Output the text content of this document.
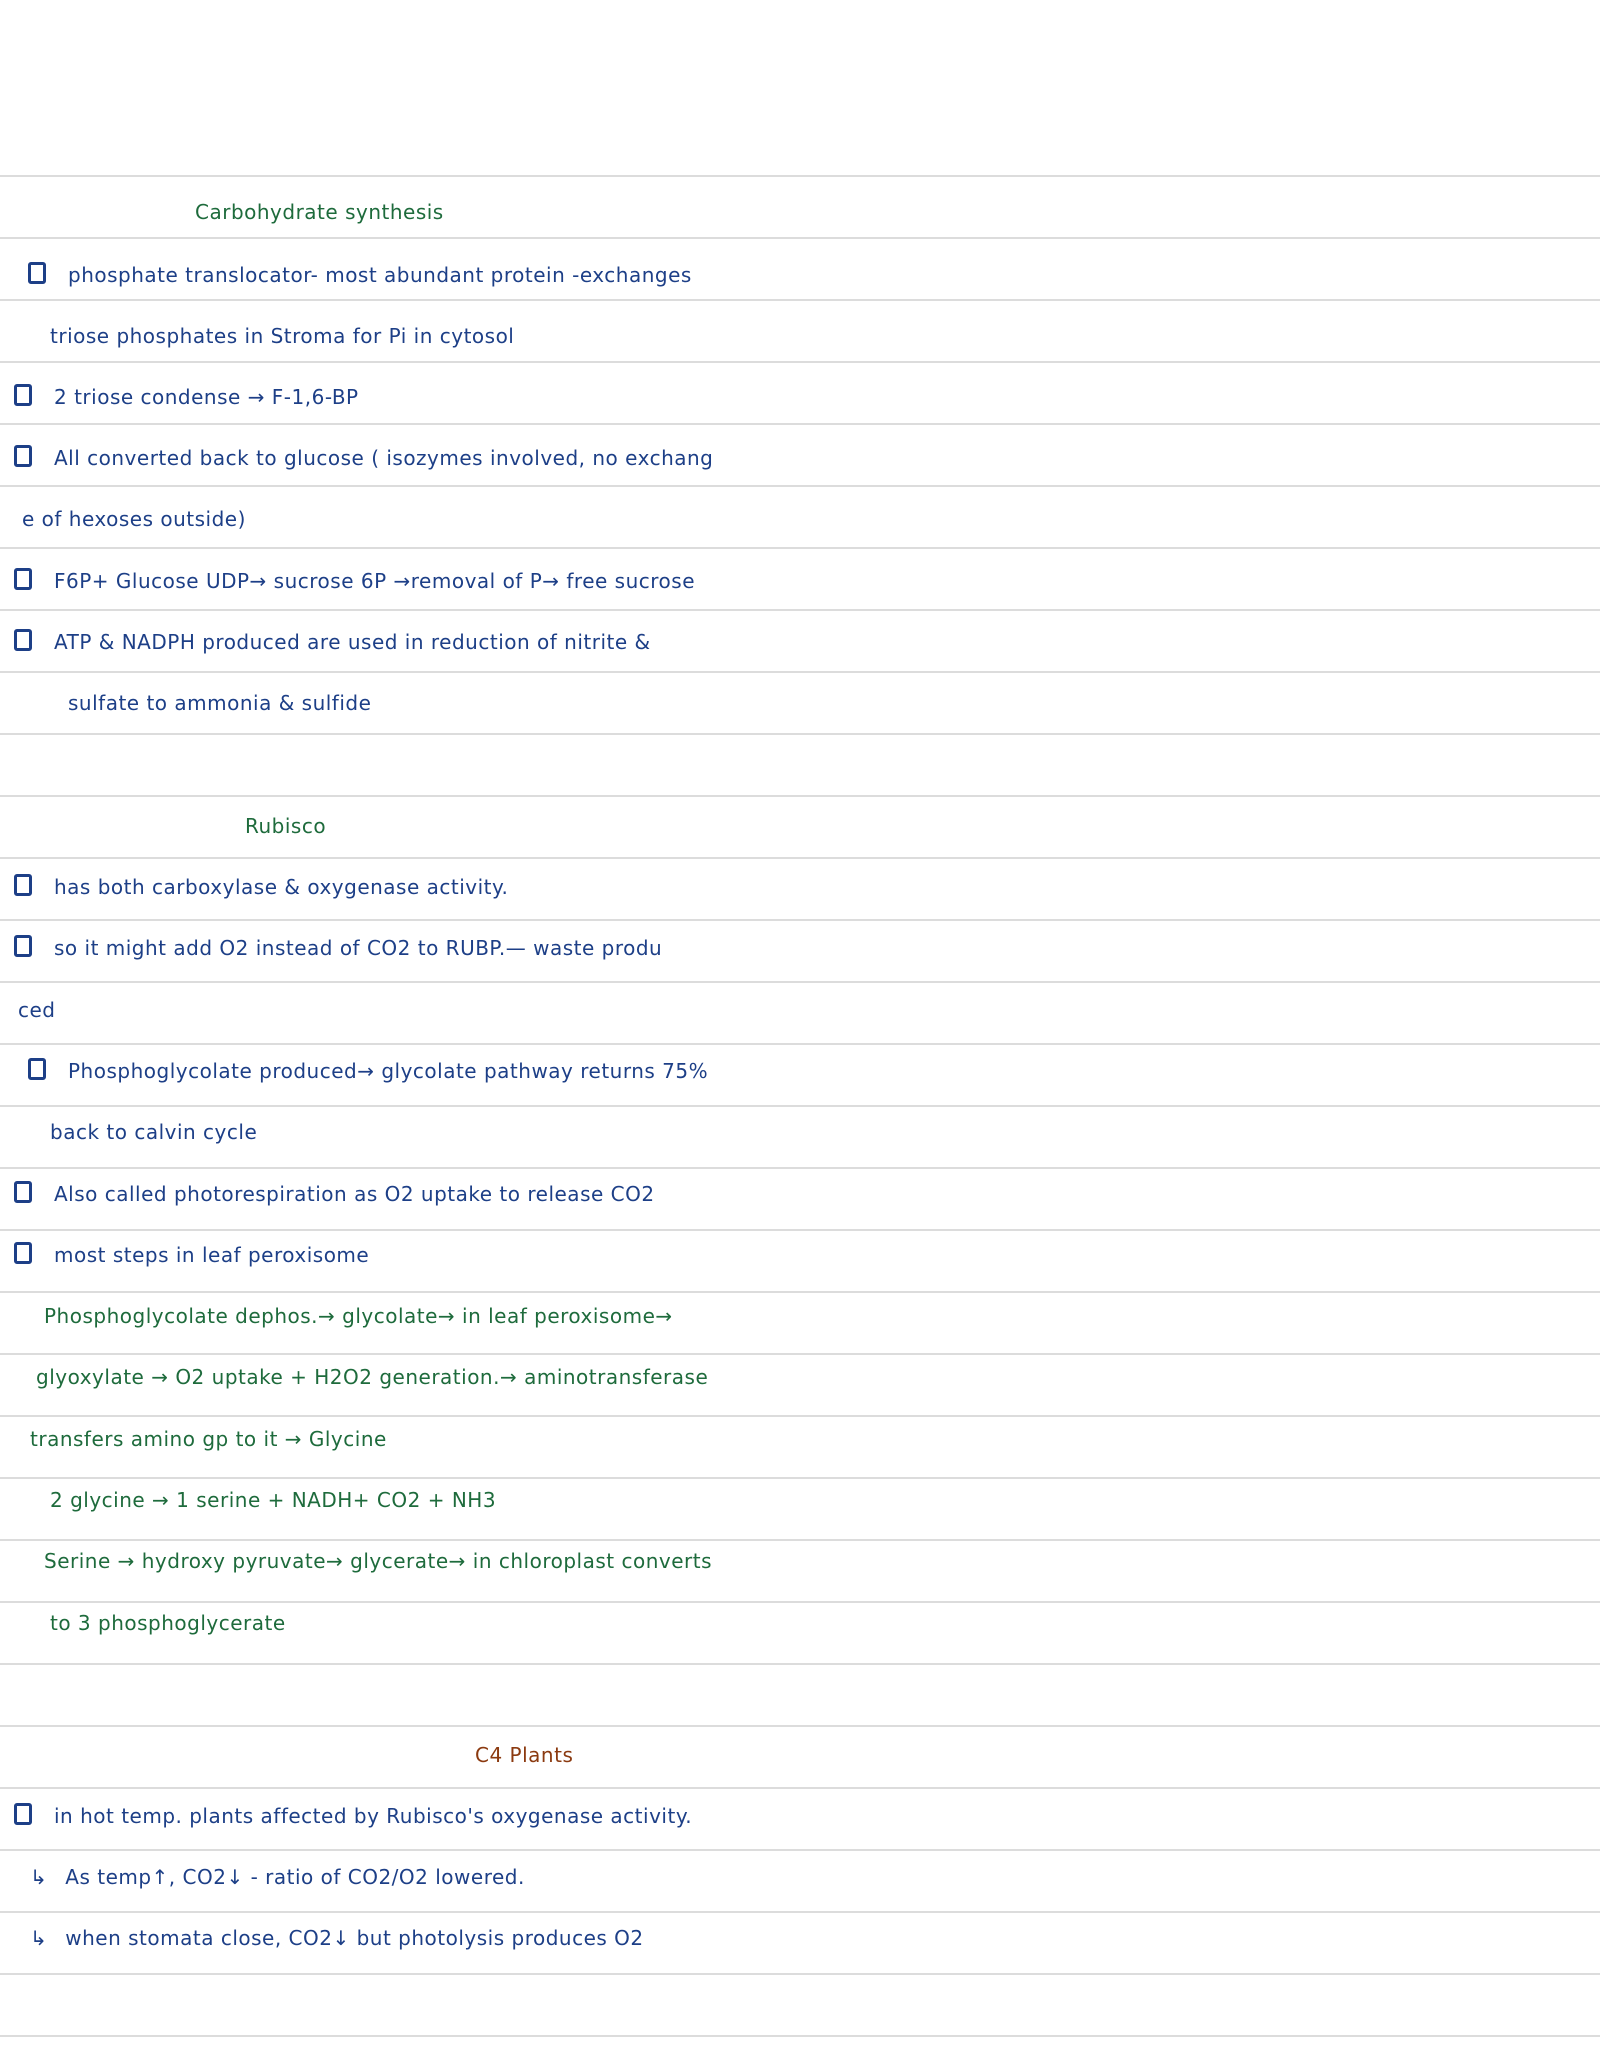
Carbohydrate synthesis
phosphate translocator- most abundant protein -exchanges
triose phosphates in Stroma for Pi in cytosol
2 triose condense → F-1,6-BP
All converted back to glucose ( isozymes involved, no exchang
e of hexoses outside)
F6P+ Glucose UDP→ sucrose 6P →removal of P→ free sucrose
ATP & NADPH produced are used in reduction of nitrite &
sulfate to ammonia & sulfide
Rubisco
has both carboxylase & oxygenase activity.
so it might add O2 instead of CO2 to RUBP.— waste produ
ced
Phosphoglycolate produced→ glycolate pathway returns 75%
back to calvin cycle
Also called photorespiration as O2 uptake to release CO2
most steps in leaf peroxisome
Phosphoglycolate dephos.→ glycolate→ in leaf peroxisome→
glyoxylate → O2 uptake + H2O2 generation.→ aminotransferase
transfers amino gp to it → Glycine
2 glycine → 1 serine + NADH+ CO2 + NH3
Serine → hydroxy pyruvate→ glycerate→ in chloroplast converts
to 3 phosphoglycerate
C4 Plants
in hot temp. plants affected by Rubisco's oxygenase activity.
↳ As temp↑, CO2↓ - ratio of CO2/O2 lowered.
↳ when stomata close, CO2↓ but photolysis produces O2
